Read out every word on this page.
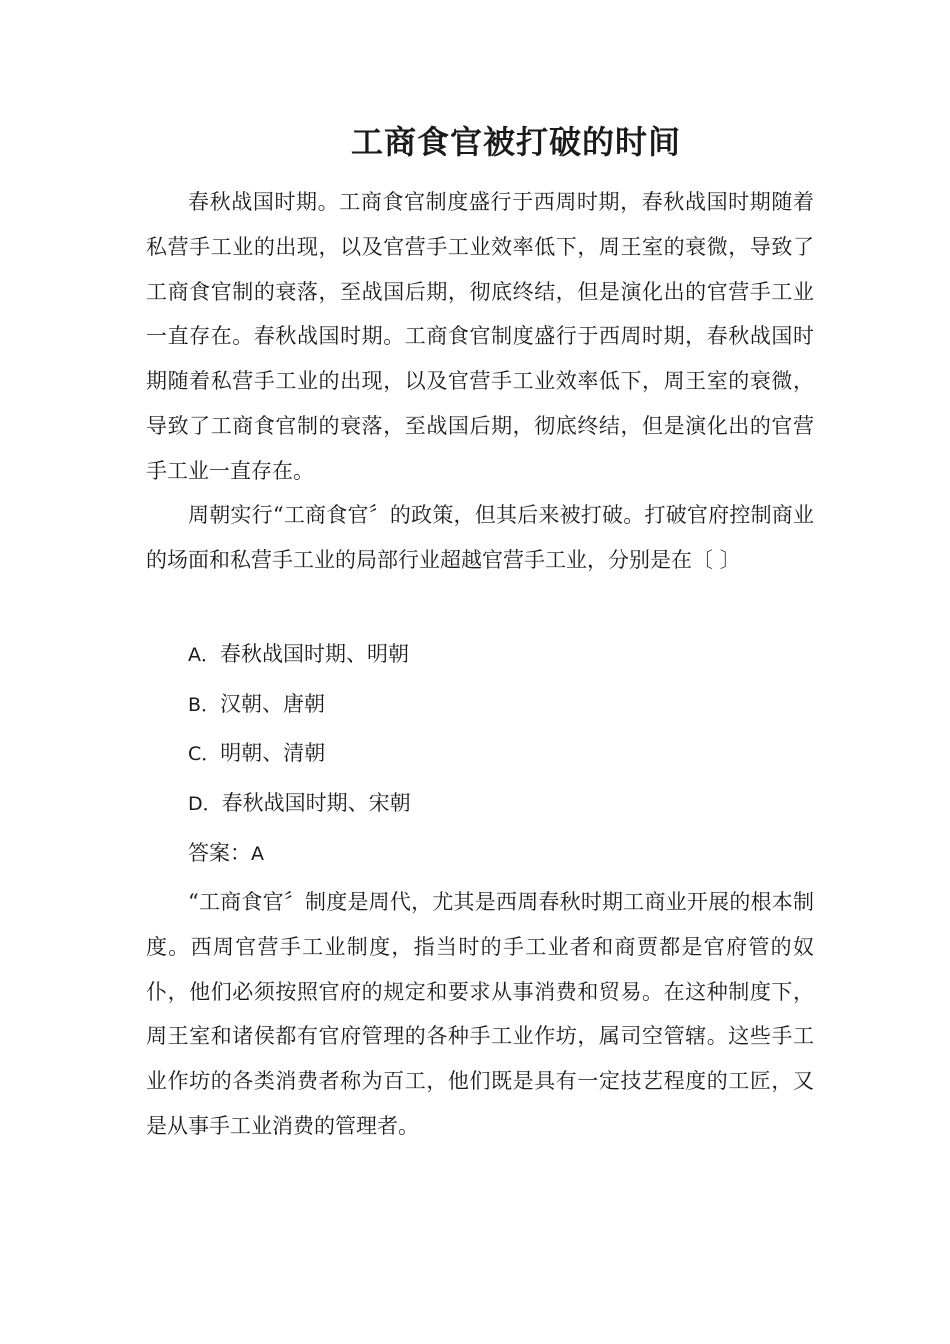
工商食官被打破的时间

春秋战国时期。工商食官制度盛行于西周时期，春秋战国时期随着私营手工业的出现，以及官营手工业效率低下，周王室的衰微，导致了工商食官制的衰落，至战国后期，彻底终结，但是演化出的官营手工业一直存在。春秋战国时期。工商食官制度盛行于西周时期，春秋战国时期随着私营手工业的出现，以及官营手工业效率低下，周王室的衰微，导致了工商食官制的衰落，至战国后期，彻底终结，但是演化出的官营手工业一直存在。

周朝实行“工商食官〞的政策，但其后来被打破。打破官府控制商业的场面和私营手工业的局部行业超越官营手工业，分别是在〔 〕

A．春秋战国时期、明朝

B．汉朝、唐朝

C．明朝、清朝

D．春秋战国时期、宋朝

答案：A

“工商食官〞制度是周代，尤其是西周春秋时期工商业开展的根本制度。西周官营手工业制度，指当时的手工业者和商贾都是官府管的奴仆，他们必须按照官府的规定和要求从事消费和贸易。在这种制度下，周王室和诸侯都有官府管理的各种手工业作坊，属司空管辖。这些手工业作坊的各类消费者称为百工，他们既是具有一定技艺程度的工匠，又是从事手工业消费的管理者。
